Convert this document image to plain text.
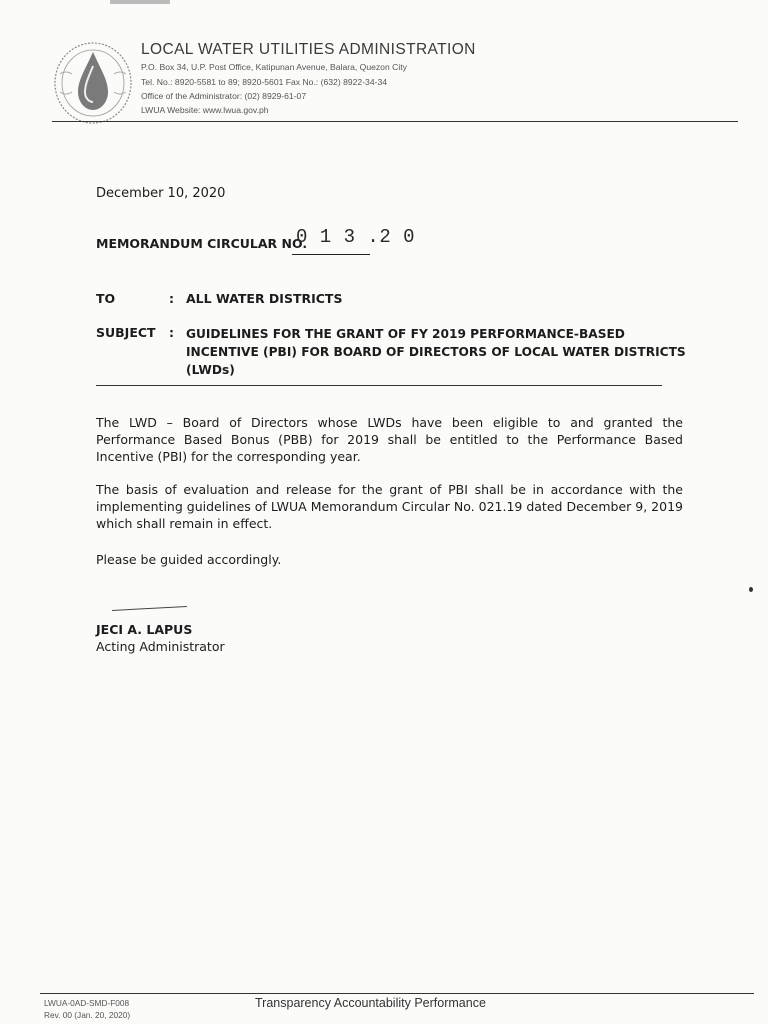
LOCAL WATER UTILITIES ADMINISTRATION
P.O. Box 34, U.P. Post Office, Katipunan Avenue, Balara, Quezon City
Tel. No.: 8920-5581 to 89; 8920-5601 Fax No.: (632) 8922-34-34
Office of the Administrator: (02) 8929-61-07
LWUA Website: www.lwua.gov.ph
December 10, 2020
MEMORANDUM CIRCULAR NO.
0 1 3 .2 0
TO	: ALL WATER DISTRICTS
SUBJECT : GUIDELINES FOR THE GRANT OF FY 2019 PERFORMANCE-BASED INCENTIVE (PBI) FOR BOARD OF DIRECTORS OF LOCAL WATER DISTRICTS (LWDs)
The LWD – Board of Directors whose LWDs have been eligible to and granted the Performance Based Bonus (PBB) for 2019 shall be entitled to the Performance Based Incentive (PBI) for the corresponding year.
The basis of evaluation and release for the grant of PBI shall be in accordance with the implementing guidelines of LWUA Memorandum Circular No. 021.19 dated December 9, 2019 which shall remain in effect.
Please be guided accordingly.
JECI A. LAPUS
Acting Administrator
LWUA-0AD-SMD-F008
Rev. 00 (Jan. 20, 2020)
Transparency Accountability Performance
